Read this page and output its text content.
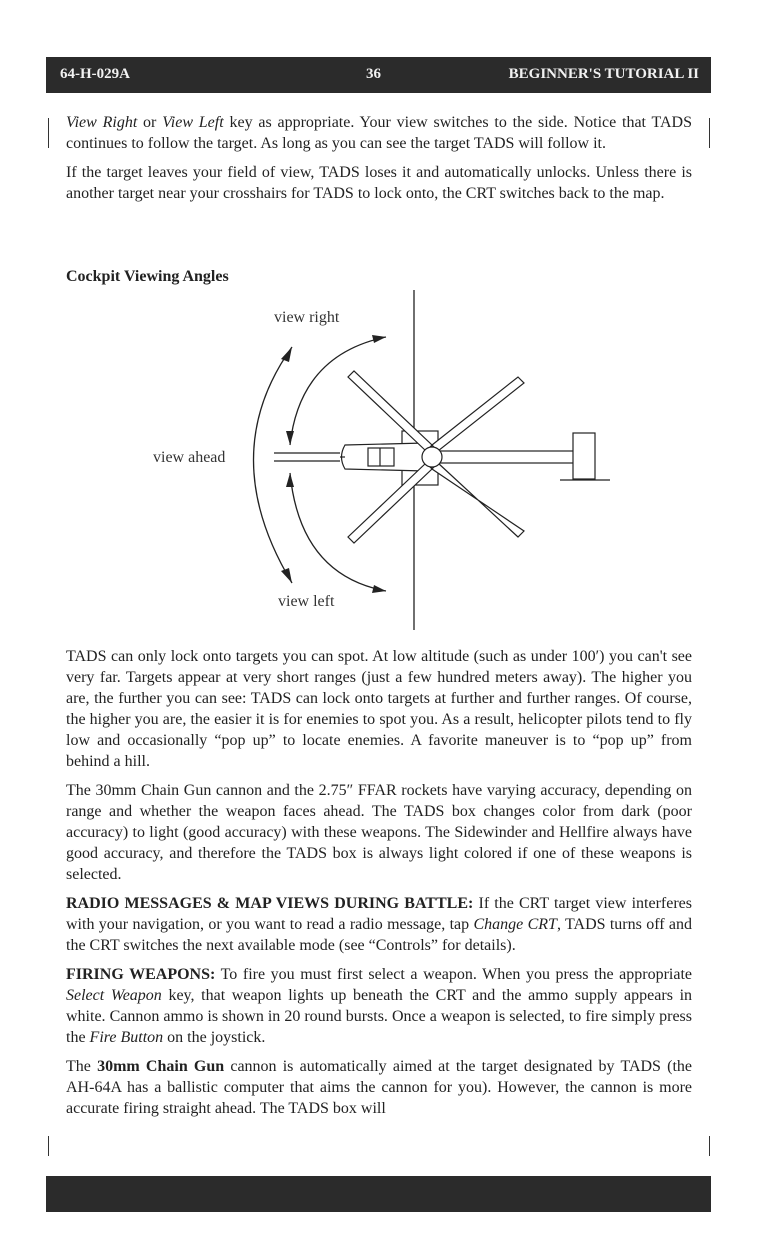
64-H-029A	36	BEGINNER'S TUTORIAL II

View Right or View Left key as appropriate. Your view switches to the side. Notice that TADS continues to follow the target. As long as you can see the target TADS will follow it.

If the target leaves your field of view, TADS loses it and automatically unlocks. Unless there is another target near your crosshairs for TADS to lock onto, the CRT switches back to the map.

Cockpit Viewing Angles
view right
view ahead
view left

TADS can only lock onto targets you can spot. At low altitude (such as under 100′) you can't see very far. Targets appear at very short ranges (just a few hundred meters away). The higher you are, the further you can see: TADS can lock onto targets at further and further ranges. Of course, the higher you are, the easier it is for enemies to spot you. As a result, helicopter pilots tend to fly low and occasionally “pop up” to locate enemies. A favorite maneuver is to “pop up” from behind a hill.

The 30mm Chain Gun cannon and the 2.75″ FFAR rockets have varying accuracy, depending on range and whether the weapon faces ahead. The TADS box changes color from dark (poor accuracy) to light (good accuracy) with these weapons. The Sidewinder and Hellfire always have good accuracy, and therefore the TADS box is always light colored if one of these weapons is selected.

RADIO MESSAGES & MAP VIEWS DURING BATTLE: If the CRT target view interferes with your navigation, or you want to read a radio message, tap Change CRT, TADS turns off and the CRT switches the next available mode (see “Controls” for details).

FIRING WEAPONS: To fire you must first select a weapon. When you press the appropriate Select Weapon key, that weapon lights up beneath the CRT and the ammo supply appears in white. Cannon ammo is shown in 20 round bursts. Once a weapon is selected, to fire simply press the Fire Button on the joystick.

The 30mm Chain Gun cannon is automatically aimed at the target designated by TADS (the AH-64A has a ballistic computer that aims the cannon for you). However, the cannon is more accurate firing straight ahead. The TADS box will
